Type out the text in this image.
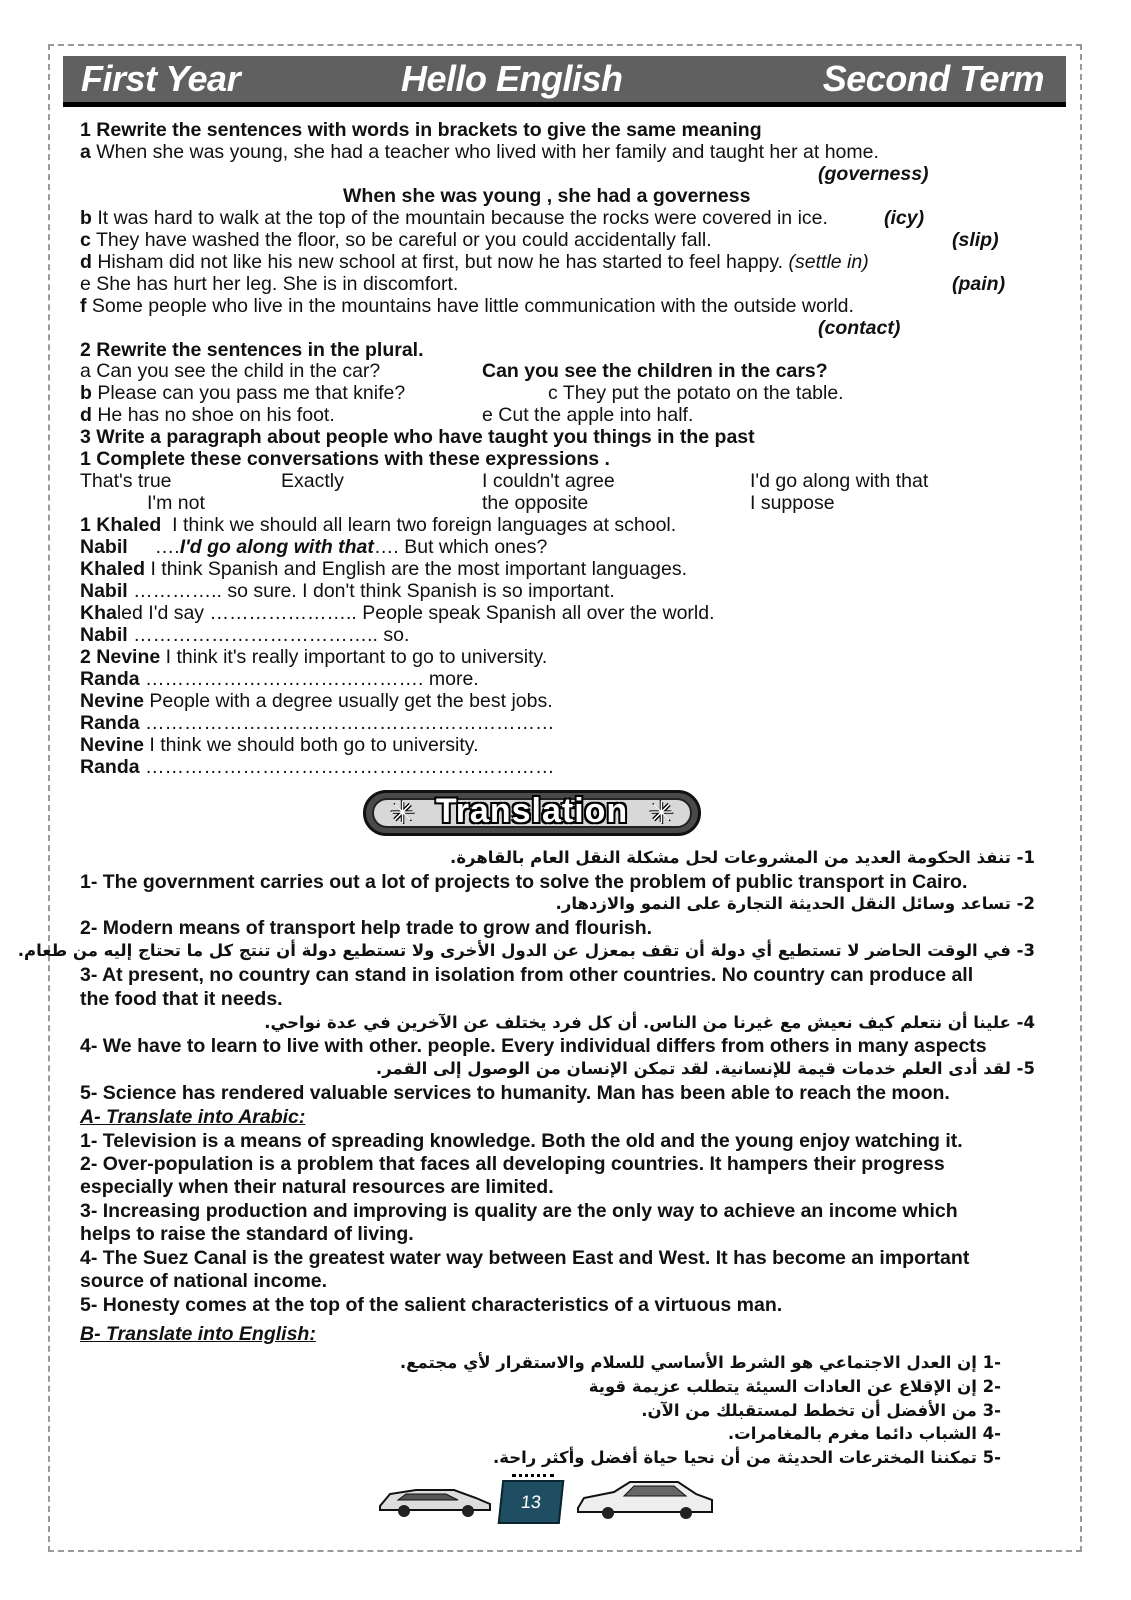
First Year	Hello English	Second Term
1 Rewrite the sentences with words in brackets to give the same meaning
a When she was young, she had a teacher who lived with her family and taught her at home.
(governess)
When she was young , she had a governess
b It was hard to walk at the top of the mountain because the rocks were covered in ice.	(icy)
c They have washed the floor, so be careful or you could accidentally fall.	(slip)
d Hisham did not like his new school at first, but now he has started to feel happy. (settle in)
e She has hurt her leg. She is in discomfort.	(pain)
f Some people who live in the mountains have little communication with the outside world.
(contact)
2 Rewrite the sentences in the plural.
a Can you see the child in the car?	Can you see the children in the cars?
b Please can you pass me that knife?	c They put the potato on the table.
d He has no shoe on his foot.	e Cut the apple into half.
3 Write a paragraph about people who have taught you things in the past
1 Complete these conversations with these expressions .
That's true	Exactly	I couldn't agree	I'd go along with that
I'm not	the opposite	I suppose
1 Khaled I think we should all learn two foreign languages at school.
Nabil ….I'd go along with that…. But which ones?
Khaled I think Spanish and English are the most important languages.
Nabil ………….. so sure. I don't think Spanish is so important.
Khaled I'd say ………………….. People speak Spanish all over the world.
Nabil ……………………………….. so.
2 Nevine I think it's really important to go to university.
Randa ……………………………………. more.
Nevine People with a degree usually get the best jobs.
Randa ………………………………………………………
Nevine I think we should both go to university.
Randa ………………………………………………………
✳ Translation ✳
1- تنفذ الحكومة العديد من المشروعات لحل مشكلة النقل العام بالقاهرة.
1- The government carries out a lot of projects to solve the problem of public transport in Cairo.
2- تساعد وسائل النقل الحديثة التجارة على النمو والازدهار.
2- Modern means of transport help trade to grow and flourish.
3- في الوقت الحاضر لا تستطيع أي دولة أن تقف بمعزل عن الدول الأخرى ولا تستطيع دولة أن تنتج كل ما تحتاج إليه من طعام.
3- At present, no country can stand in isolation from other countries. No country can produce all
the food that it needs.
4- علينا أن نتعلم كيف نعيش مع غيرنا من الناس. أن كل فرد يختلف عن الآخرين في عدة نواحي.
4- We have to learn to live with other. people. Every individual differs from others in many aspects
5- لقد أدى العلم خدمات قيمة للإنسانية. لقد تمكن الإنسان من الوصول إلى القمر.
5- Science has rendered valuable services to humanity. Man has been able to reach the moon.
A- Translate into Arabic:
1- Television is a means of spreading knowledge. Both the old and the young enjoy watching it.
2- Over-population is a problem that faces all developing countries. It hampers their progress
especially when their natural resources are limited.
3- Increasing production and improving is quality are the only way to achieve an income which
helps to raise the standard of living.
4- The Suez Canal is the greatest water way between East and West. It has become an important
source of national income.
5- Honesty comes at the top of the salient characteristics of a virtuous man.
B- Translate into English:
-1 إن العدل الاجتماعي هو الشرط الأساسي للسلام والاستقرار لأي مجتمع.
-2 إن الإقلاع عن العادات السيئة يتطلب عزيمة قوية
-3 من الأفضل أن تخطط لمستقبلك من الآن.
-4 الشباب دائما مغرم بالمغامرات.
-5 تمكننا المخترعات الحديثة من أن نحيا حياة أفضل وأكثر راحة.
13
